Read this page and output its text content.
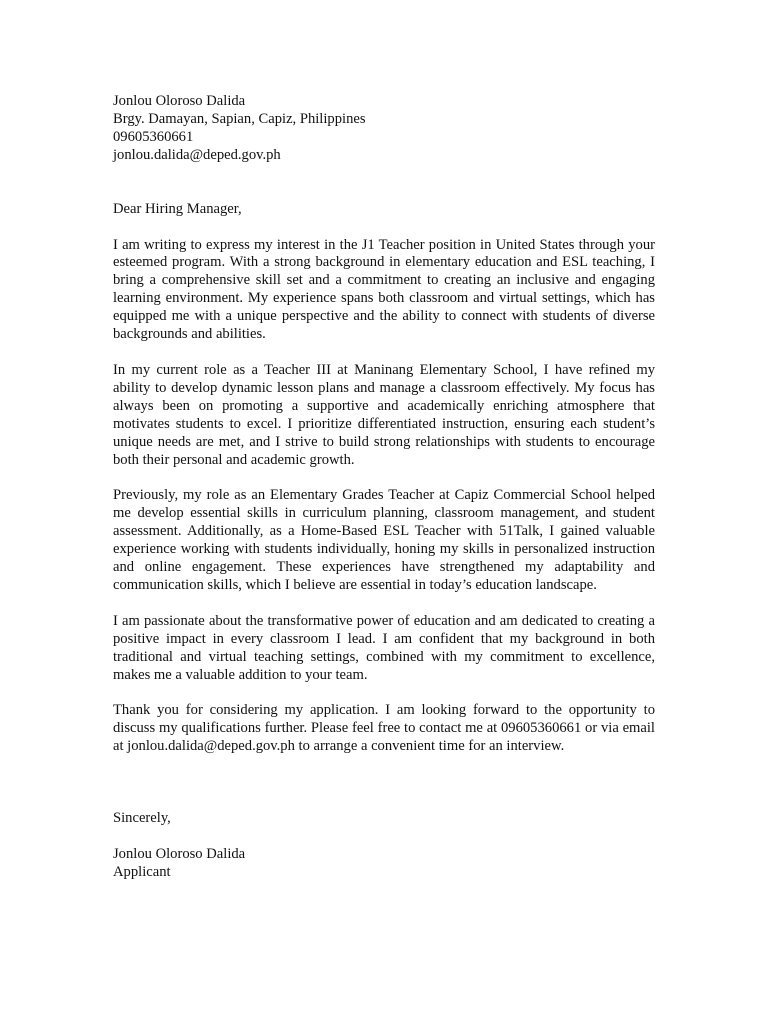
Jonlou Oloroso Dalida
Brgy. Damayan, Sapian, Capiz, Philippines
09605360661
jonlou.dalida@deped.gov.ph

Dear Hiring Manager,

I am writing to express my interest in the J1 Teacher position in United States through your esteemed program. With a strong background in elementary education and ESL teaching, I bring a comprehensive skill set and a commitment to creating an inclusive and engaging learning environment. My experience spans both classroom and virtual settings, which has equipped me with a unique perspective and the ability to connect with students of diverse backgrounds and abilities.

In my current role as a Teacher III at Maninang Elementary School, I have refined my ability to develop dynamic lesson plans and manage a classroom effectively. My focus has always been on promoting a supportive and academically enriching atmosphere that motivates students to excel. I prioritize differentiated instruction, ensuring each student’s unique needs are met, and I strive to build strong relationships with students to encourage both their personal and academic growth.

Previously, my role as an Elementary Grades Teacher at Capiz Commercial School helped me develop essential skills in curriculum planning, classroom management, and student assessment. Additionally, as a Home-Based ESL Teacher with 51Talk, I gained valuable experience working with students individually, honing my skills in personalized instruction and online engagement. These experiences have strengthened my adaptability and communication skills, which I believe are essential in today’s education landscape.

I am passionate about the transformative power of education and am dedicated to creating a positive impact in every classroom I lead. I am confident that my background in both traditional and virtual teaching settings, combined with my commitment to excellence, makes me a valuable addition to your team.

Thank you for considering my application. I am looking forward to the opportunity to discuss my qualifications further. Please feel free to contact me at 09605360661 or via email at jonlou.dalida@deped.gov.ph to arrange a convenient time for an interview.

Sincerely,

Jonlou Oloroso Dalida
Applicant
